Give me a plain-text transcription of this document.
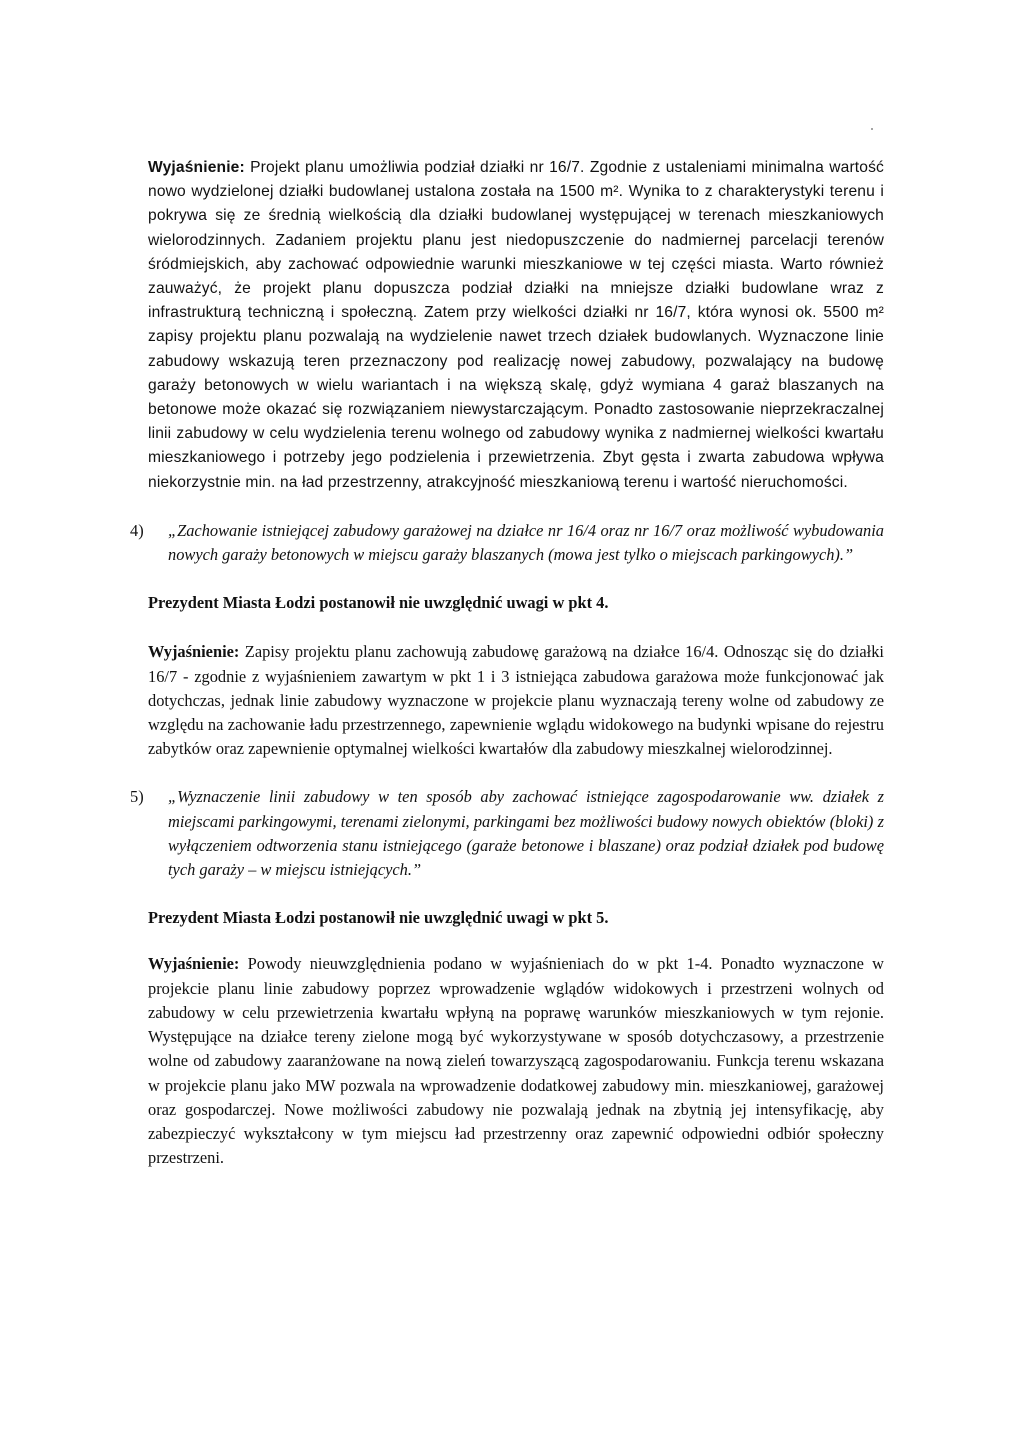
Wyjaśnienie: Projekt planu umożliwia podział działki nr 16/7. Zgodnie z ustaleniami minimalna wartość nowo wydzielonej działki budowlanej ustalona została na 1500 m². Wynika to z charakterystyki terenu i pokrywa się ze średnią wielkością dla działki budowlanej występującej w terenach mieszkaniowych wielorodzinnych. Zadaniem projektu planu jest niedopuszczenie do nadmiernej parcelacji terenów śródmiejskich, aby zachować odpowiednie warunki mieszkaniowe w tej części miasta. Warto również zauważyć, że projekt planu dopuszcza podział działki na mniejsze działki budowlane wraz z infrastrukturą techniczną i społeczną. Zatem przy wielkości działki nr 16/7, która wynosi ok. 5500 m² zapisy projektu planu pozwalają na wydzielenie nawet trzech działek budowlanych. Wyznaczone linie zabudowy wskazują teren przeznaczony pod realizację nowej zabudowy, pozwalający na budowę garaży betonowych w wielu wariantach i na większą skalę, gdyż wymiana 4 garaż blaszanych na betonowe może okazać się rozwiązaniem niewystarczającym. Ponadto zastosowanie nieprzekraczalnej linii zabudowy w celu wydzielenia terenu wolnego od zabudowy wynika z nadmiernej wielkości kwartału mieszkaniowego i potrzeby jego podzielenia i przewietrzenia. Zbyt gęsta i zwarta zabudowa wpływa niekorzystnie min. na ład przestrzenny, atrakcyjność mieszkaniową terenu i wartość nieruchomości.

4) „Zachowanie istniejącej zabudowy garażowej na działce nr 16/4 oraz nr 16/7 oraz możliwość wybudowania nowych garaży betonowych w miejscu garaży blaszanych (mowa jest tylko o miejscach parkingowych).”

Prezydent Miasta Łodzi postanowił nie uwzględnić uwagi w pkt 4.

Wyjaśnienie: Zapisy projektu planu zachowują zabudowę garażową na działce 16/4. Odnosząc się do działki 16/7 - zgodnie z wyjaśnieniem zawartym w pkt 1 i 3 istniejąca zabudowa garażowa może funkcjonować jak dotychczas, jednak linie zabudowy wyznaczone w projekcie planu wyznaczają tereny wolne od zabudowy ze względu na zachowanie ładu przestrzennego, zapewnienie wglądu widokowego na budynki wpisane do rejestru zabytków oraz zapewnienie optymalnej wielkości kwartałów dla zabudowy mieszkalnej wielorodzinnej.

5) „Wyznaczenie linii zabudowy w ten sposób aby zachować istniejące zagospodarowanie ww. działek z miejscami parkingowymi, terenami zielonymi, parkingami bez możliwości budowy nowych obiektów (bloki) z wyłączeniem odtworzenia stanu istniejącego (garaże betonowe i blaszane) oraz podział działek pod budowę tych garaży – w miejscu istniejących.”

Prezydent Miasta Łodzi postanowił nie uwzględnić uwagi w pkt 5.

Wyjaśnienie: Powody nieuwzględnienia podano w wyjaśnieniach do w pkt 1-4. Ponadto wyznaczone w projekcie planu linie zabudowy poprzez wprowadzenie wglądów widokowych i przestrzeni wolnych od zabudowy w celu przewietrzenia kwartału wpłyną na poprawę warunków mieszkaniowych w tym rejonie. Występujące na działce tereny zielone mogą być wykorzystywane w sposób dotychczasowy, a przestrzenie wolne od zabudowy zaaranżowane na nową zieleń towarzyszącą zagospodarowaniu. Funkcja terenu wskazana w projekcie planu jako MW pozwala na wprowadzenie dodatkowej zabudowy min. mieszkaniowej, garażowej oraz gospodarczej. Nowe możliwości zabudowy nie pozwalają jednak na zbytnią jej intensyfikację, aby zabezpieczyć wykształcony w tym miejscu ład przestrzenny oraz zapewnić odpowiedni odbiór społeczny przestrzeni.
